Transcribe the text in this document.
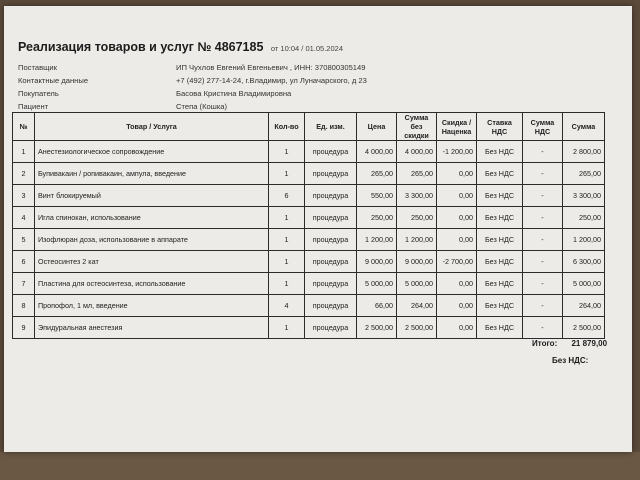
Реализация товаров и услуг № 4867185 от 10:04 / 01.05.2024
Поставщик	ИП Чухлов Евгений Евгеньевич , ИНН: 370800305149
Контактные данные	+7 (492) 277-14-24, г.Владимир, ул Луначарского, д 23
Покупатель	Басова Кристина Владимировна
Пациент	Степа (Кошка)
№	Товар / Услуга	Кол-во	Ед. изм.	Цена	Сумма без скидки	Скидка / Наценка	Ставка НДС	Сумма НДС	Сумма
1	Анестезиологическое сопровождение	1	процедура	4 000,00	4 000,00	-1 200,00	Без НДС	-	2 800,00
2	Бупивакаин / ропивакаин, ампула, введение	1	процедура	265,00	265,00	0,00	Без НДС	-	265,00
3	Винт блокируемый	6	процедура	550,00	3 300,00	0,00	Без НДС	-	3 300,00
4	Игла спинокан, использование	1	процедура	250,00	250,00	0,00	Без НДС	-	250,00
5	Изофлюран доза, использование в аппарате	1	процедура	1 200,00	1 200,00	0,00	Без НДС	-	1 200,00
6	Остеосинтез 2 кат	1	процедура	9 000,00	9 000,00	-2 700,00	Без НДС	-	6 300,00
7	Пластина для остеосинтеза, использование	1	процедура	5 000,00	5 000,00	0,00	Без НДС	-	5 000,00
8	Пропофол, 1 мл, введение	4	процедура	66,00	264,00	0,00	Без НДС	-	264,00
9	Эпидуральная анестезия	1	процедура	2 500,00	2 500,00	0,00	Без НДС	-	2 500,00
Итого: 21 879,00
Без НДС:
